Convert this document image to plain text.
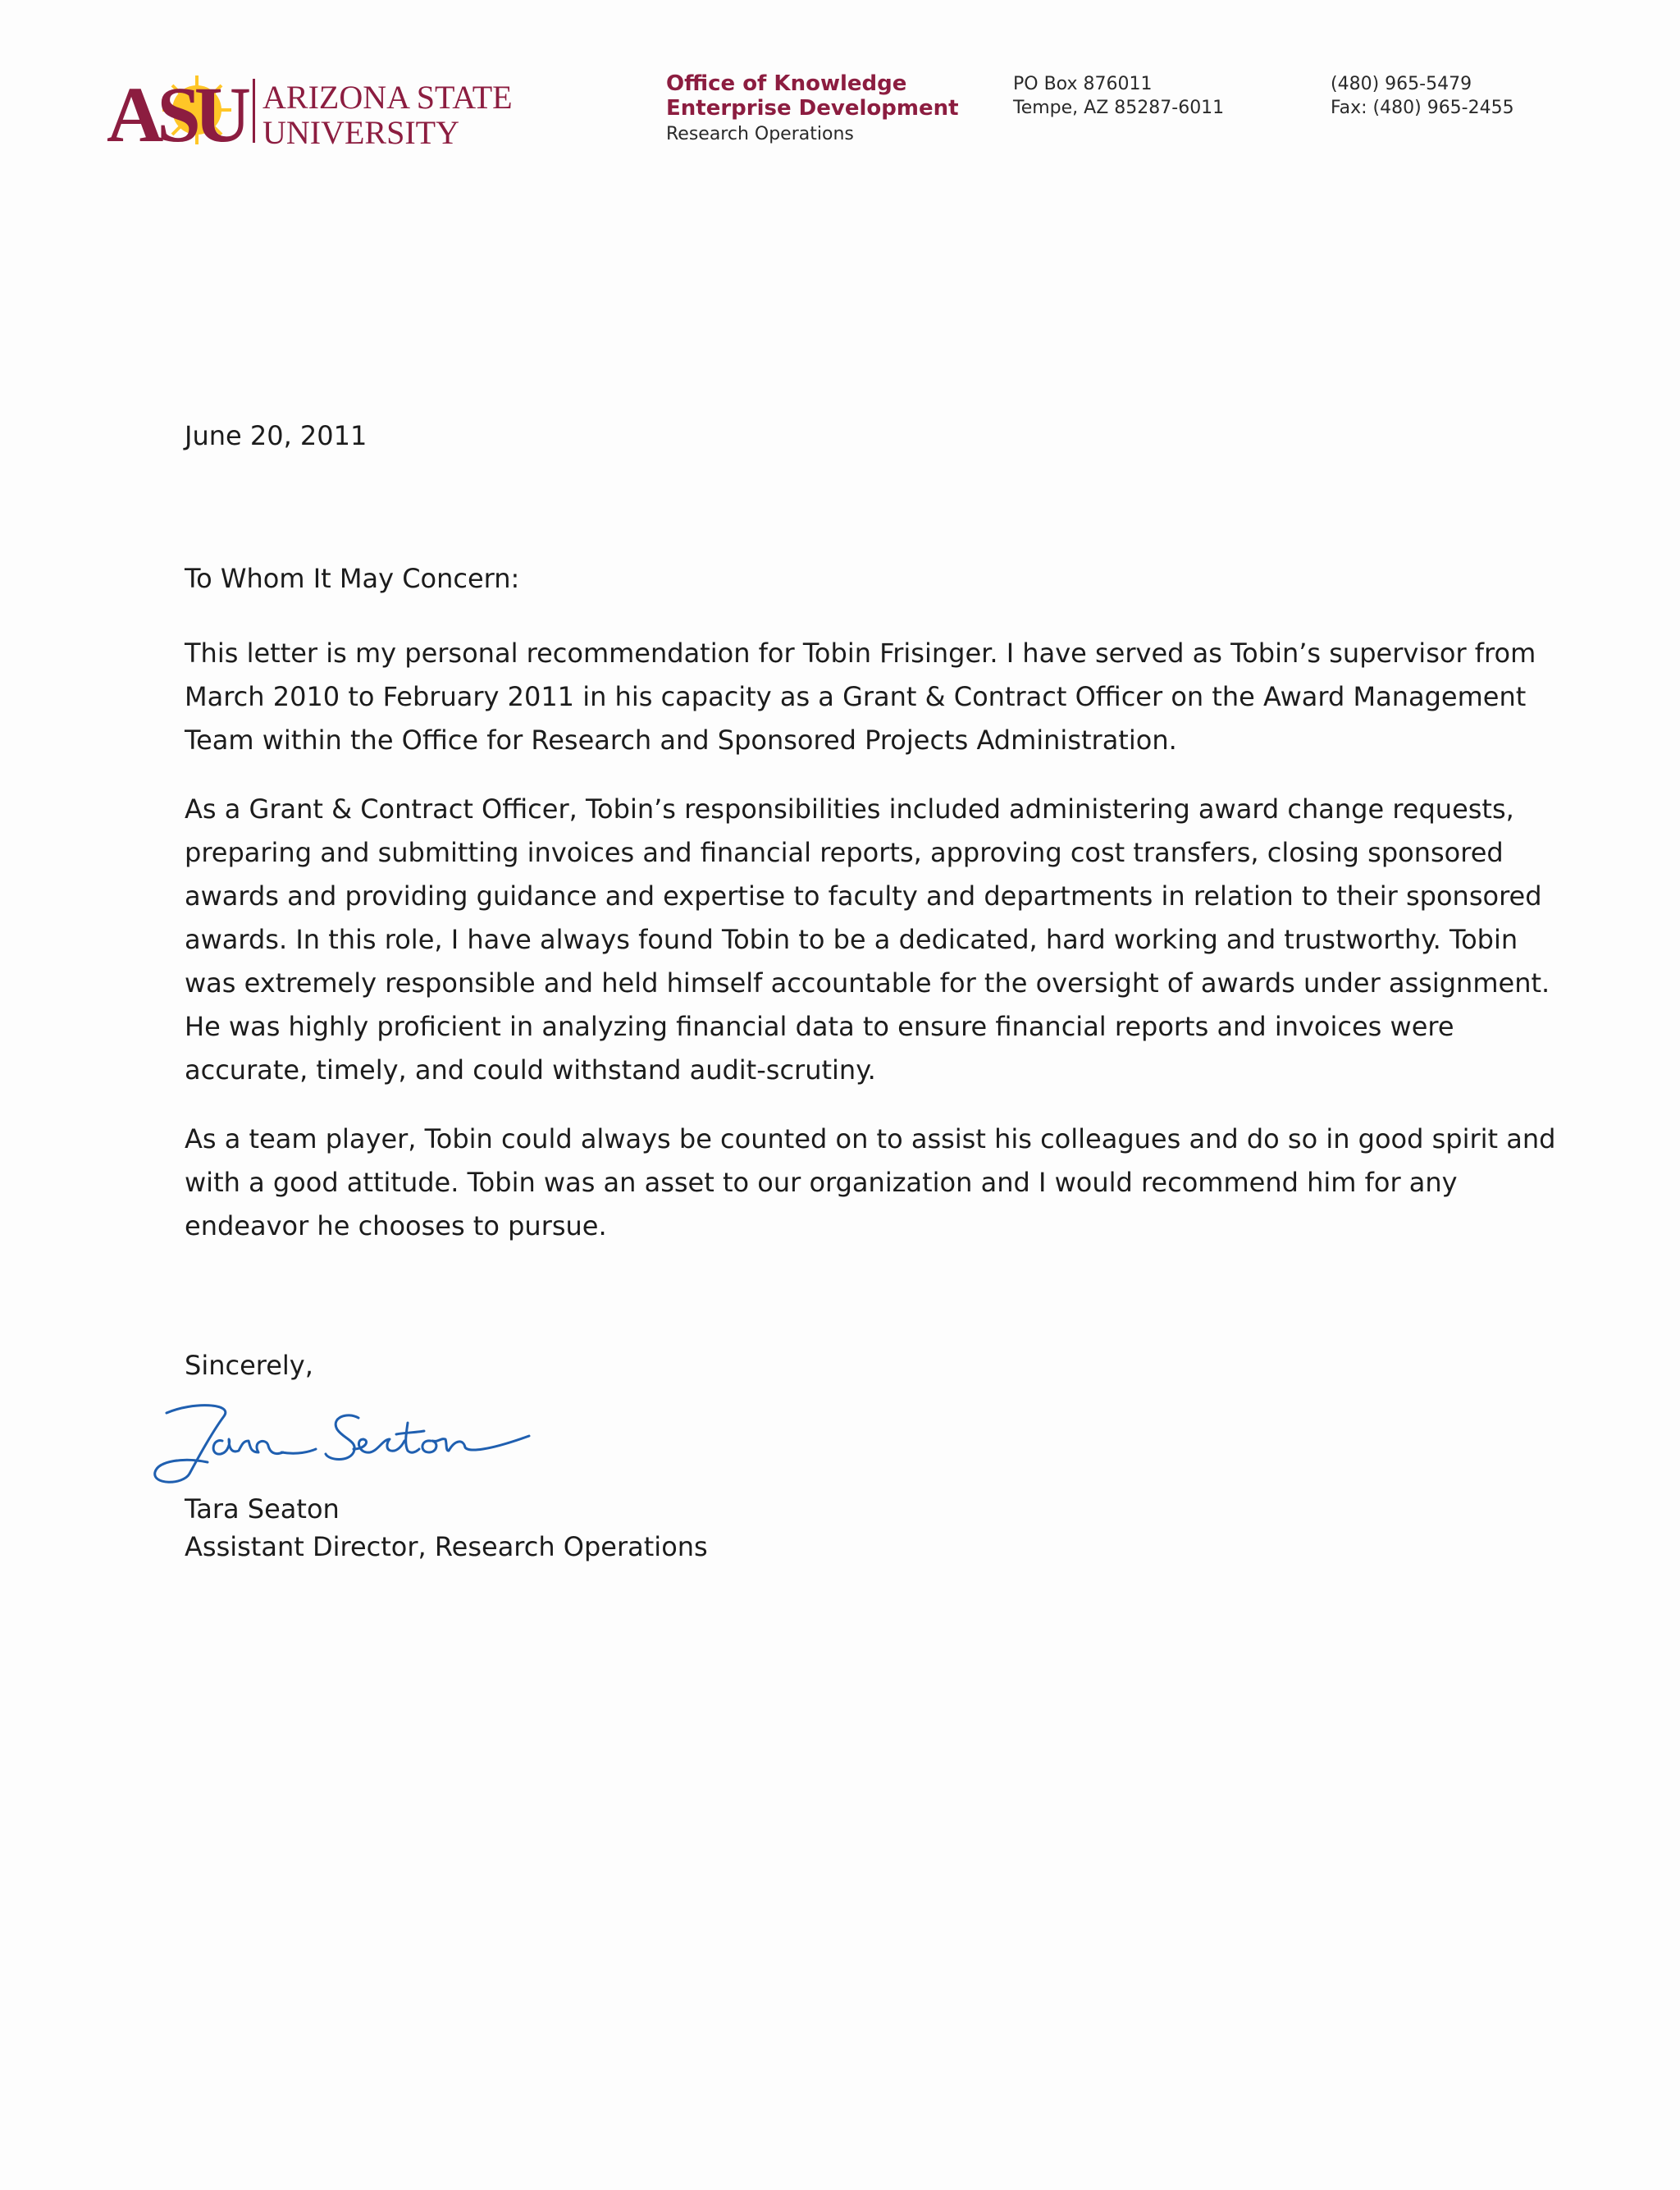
ASU ARIZONA STATE
UNIVERSITY
Office of Knowledge
Enterprise Development
Research Operations
PO Box 876011
Tempe, AZ 85287-6011
(480) 965-5479
Fax: (480) 965-2455
June 20, 2011
To Whom It May Concern:
This letter is my personal recommendation for Tobin Frisinger. I have served as Tobin’s supervisor from
March 2010 to February 2011 in his capacity as a Grant & Contract Officer on the Award Management
Team within the Office for Research and Sponsored Projects Administration.
As a Grant & Contract Officer, Tobin’s responsibilities included administering award change requests,
preparing and submitting invoices and financial reports, approving cost transfers, closing sponsored
awards and providing guidance and expertise to faculty and departments in relation to their sponsored
awards. In this role, I have always found Tobin to be a dedicated, hard working and trustworthy. Tobin
was extremely responsible and held himself accountable for the oversight of awards under assignment.
He was highly proficient in analyzing financial data to ensure financial reports and invoices were
accurate, timely, and could withstand audit-scrutiny.
As a team player, Tobin could always be counted on to assist his colleagues and do so in good spirit and
with a good attitude. Tobin was an asset to our organization and I would recommend him for any
endeavor he chooses to pursue.
Sincerely,
Tara Seaton
Assistant Director, Research Operations
